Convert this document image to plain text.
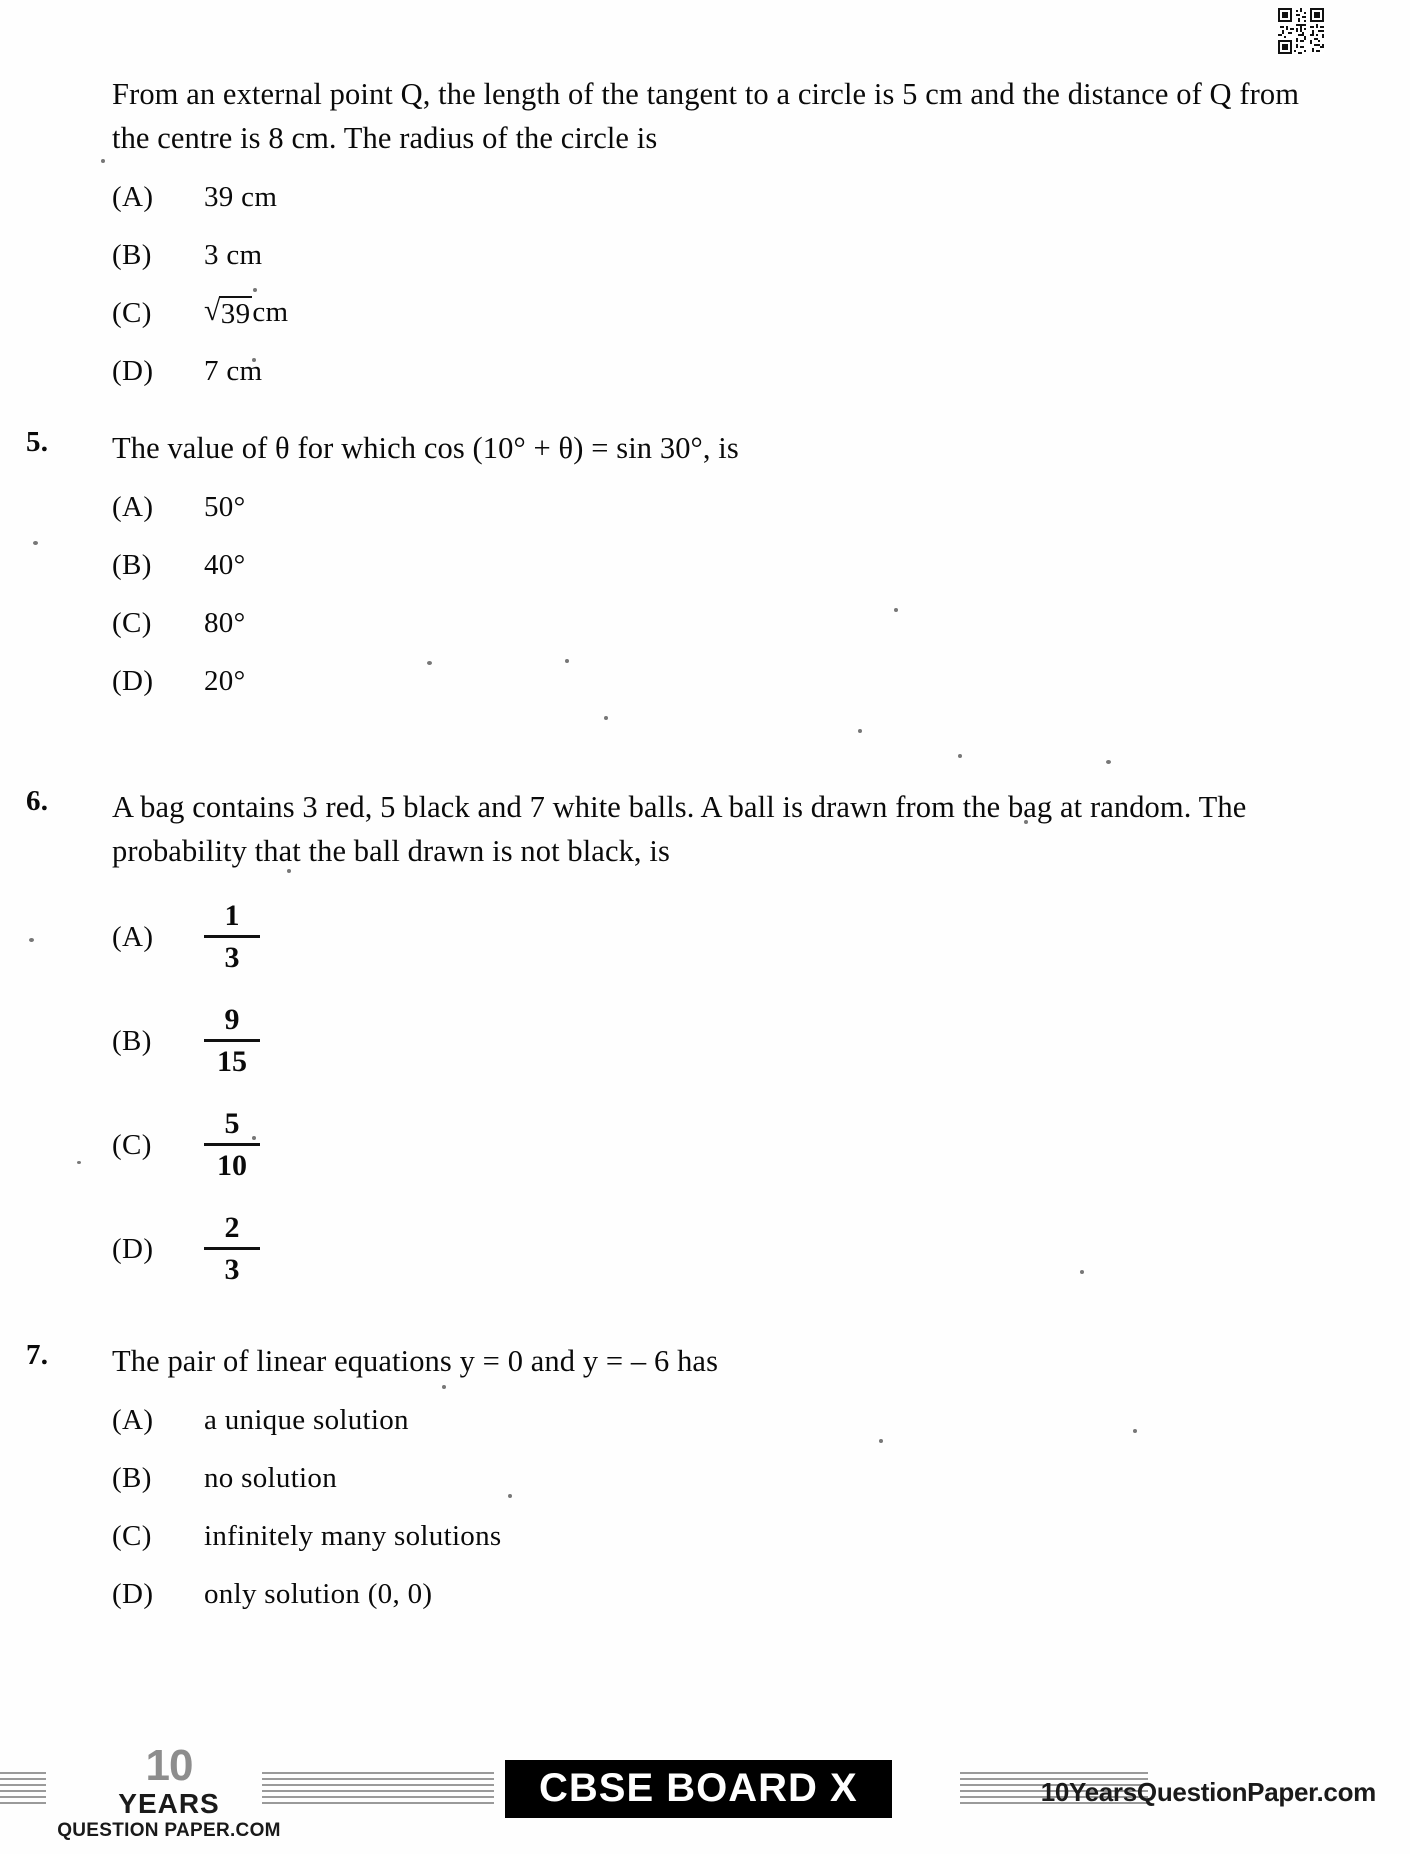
From an external point Q, the length of the tangent to a circle is 5 cm and the distance of Q from the centre is 8 cm. The radius of the circle is
(A)	39 cm
(B)	3 cm
(C)	√ 39 cm
(D)	7 cm
5.	The value of θ for which cos (10° + θ) = sin 30°, is
(A)	50°
(B)	40°
(C)	80°
(D)	20°
6.	A bag contains 3 red, 5 black and 7 white balls. A ball is drawn from the bag at random. The probability that the ball drawn is not black, is
(A)	$\frac{1}{3}$
(B)	$\frac{9}{15}$
(C)	$\frac{5}{10}$
(D)	$\frac{2}{3}$
7.	The pair of linear equations y = 0 and y = – 6 has
(A)	a unique solution
(B)	no solution
(C)	infinitely many solutions
(D)	only solution (0, 0)
10
YEARS
QUESTION PAPER.COM
CBSE BOARD X	10YearsQuestionPaper.com
